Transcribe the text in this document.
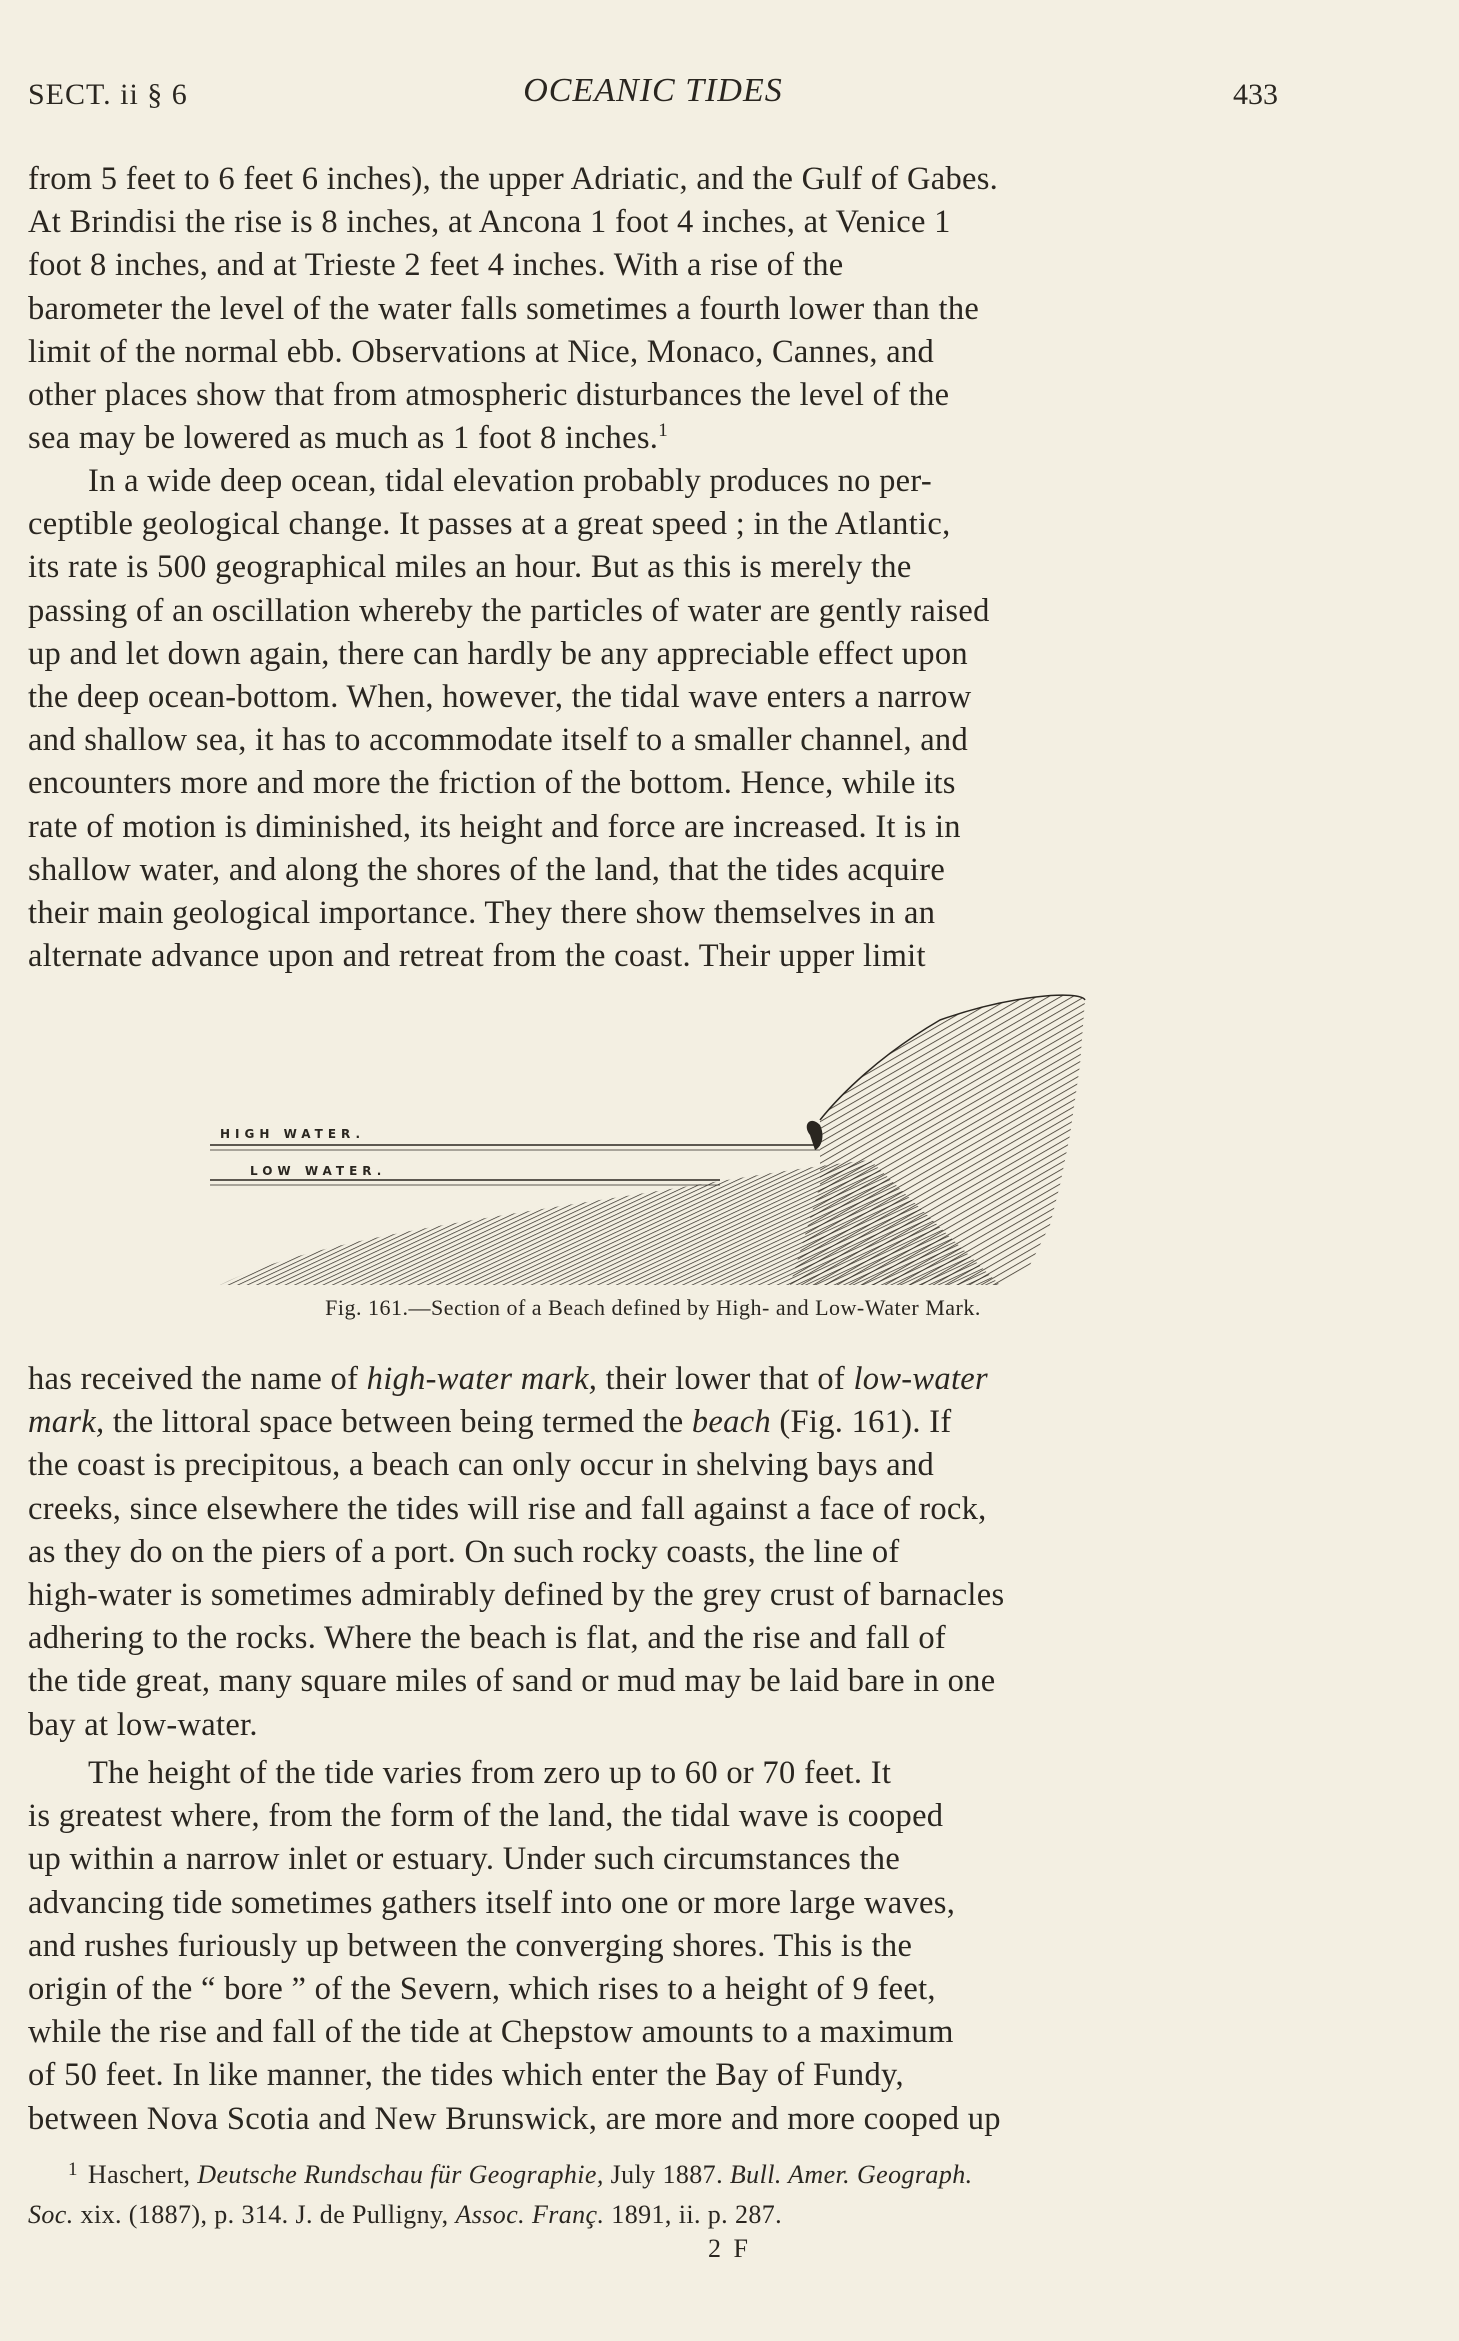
SECT. ii § 6	OCEANIC TIDES	433
from 5 feet to 6 feet 6 inches), the upper Adriatic, and the Gulf of Gabes.
At Brindisi the rise is 8 inches, at Ancona 1 foot 4 inches, at Venice 1
foot 8 inches, and at Trieste 2 feet 4 inches. With a rise of the
barometer the level of the water falls sometimes a fourth lower than the
limit of the normal ebb. Observations at Nice, Monaco, Cannes, and
other places show that from atmospheric disturbances the level of the
sea may be lowered as much as 1 foot 8 inches.$^1$
In a wide deep ocean, tidal elevation probably produces no per-
ceptible geological change. It passes at a great speed ; in the Atlantic,
its rate is 500 geographical miles an hour. But as this is merely the
passing of an oscillation whereby the particles of water are gently raised
up and let down again, there can hardly be any appreciable effect upon
the deep ocean-bottom. When, however, the tidal wave enters a narrow
and shallow sea, it has to accommodate itself to a smaller channel, and
encounters more and more the friction of the bottom. Hence, while its
rate of motion is diminished, its height and force are increased. It is in
shallow water, and along the shores of the land, that the tides acquire
their main geological importance. They there show themselves in an
alternate advance upon and retreat from the coast. Their upper limit
HIGH WATER.
LOW WATER.
Fig. 161.—Section of a Beach defined by High- and Low-Water Mark.
has received the name of high-water mark, their lower that of low-water
mark, the littoral space between being termed the beach (Fig. 161). If
the coast is precipitous, a beach can only occur in shelving bays and
creeks, since elsewhere the tides will rise and fall against a face of rock,
as they do on the piers of a port. On such rocky coasts, the line of
high-water is sometimes admirably defined by the grey crust of barnacles
adhering to the rocks. Where the beach is flat, and the rise and fall of
the tide great, many square miles of sand or mud may be laid bare in one
bay at low-water.
The height of the tide varies from zero up to 60 or 70 feet. It
is greatest where, from the form of the land, the tidal wave is cooped
up within a narrow inlet or estuary. Under such circumstances the
advancing tide sometimes gathers itself into one or more large waves,
and rushes furiously up between the converging shores. This is the
origin of the “ bore ” of the Severn, which rises to a height of 9 feet,
while the rise and fall of the tide at Chepstow amounts to a maximum
of 50 feet. In like manner, the tides which enter the Bay of Fundy,
between Nova Scotia and New Brunswick, are more and more cooped up
$^1$ Haschert, Deutsche Rundschau für Geographie, July 1887. Bull. Amer. Geograph.
Soc. xix. (1887), p. 314. J. de Pulligny, Assoc. Franç. 1891, ii. p. 287.
2 F
